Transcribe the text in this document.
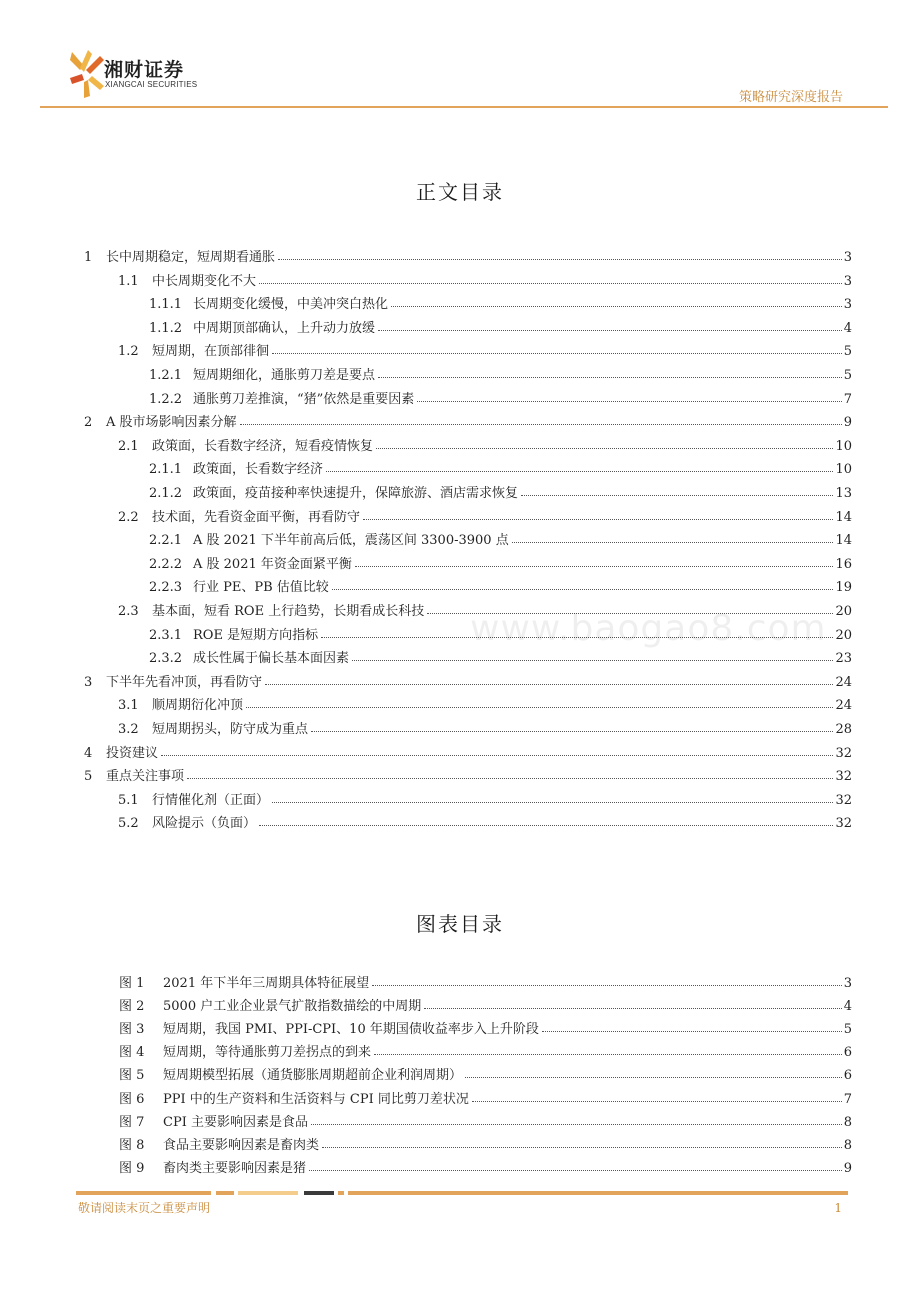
湘财证券
XIANGCAI SECURITIES
策略研究深度报告
正文目录
1	长中周期稳定，短周期看通胀	3
1.1	中长周期变化不大	3
1.1.1 长周期变化缓慢，中美冲突白热化	3
1.1.2 中周期顶部确认，上升动力放缓	4
1.2	短周期，在顶部徘徊	5
1.2.1 短周期细化，通胀剪刀差是要点	5
1.2.2 通胀剪刀差推演，“猪”依然是重要因素	7
2	A 股市场影响因素分解	9
2.1	政策面，长看数字经济，短看疫情恢复	10
2.1.1 政策面，长看数字经济	10
2.1.2 政策面，疫苗接种率快速提升，保障旅游、酒店需求恢复	13
2.2	技术面，先看资金面平衡，再看防守	14
2.2.1 A 股 2021 下半年前高后低，震荡区间 3300-3900 点	14
2.2.2 A 股 2021 年资金面紧平衡	16
2.2.3 行业 PE、PB 估值比较	19
2.3	基本面，短看 ROE 上行趋势，长期看成长科技	20
2.3.1 ROE 是短期方向指标	20
2.3.2 成长性属于偏长基本面因素	23
3	下半年先看冲顶，再看防守	24
3.1	顺周期衍化冲顶	24
3.2	短周期拐头，防守成为重点	28
4	投资建议	32
5	重点关注事项	32
5.1	行情催化剂（正面）	32
5.2	风险提示（负面）	32
图表目录
图 1	2021 年下半年三周期具体特征展望	3
图 2	5000 户工业企业景气扩散指数描绘的中周期	4
图 3	短周期，我国 PMI、PPI-CPI、10 年期国债收益率步入上升阶段	5
图 4	短周期，等待通胀剪刀差拐点的到来	6
图 5	短周期模型拓展（通货膨胀周期超前企业利润周期）	6
图 6	PPI 中的生产资料和生活资料与 CPI 同比剪刀差状况	7
图 7	CPI 主要影响因素是食品	8
图 8	食品主要影响因素是畜肉类	8
图 9	畜肉类主要影响因素是猪	9
www.baogao8.com
敬请阅读末页之重要声明	1
